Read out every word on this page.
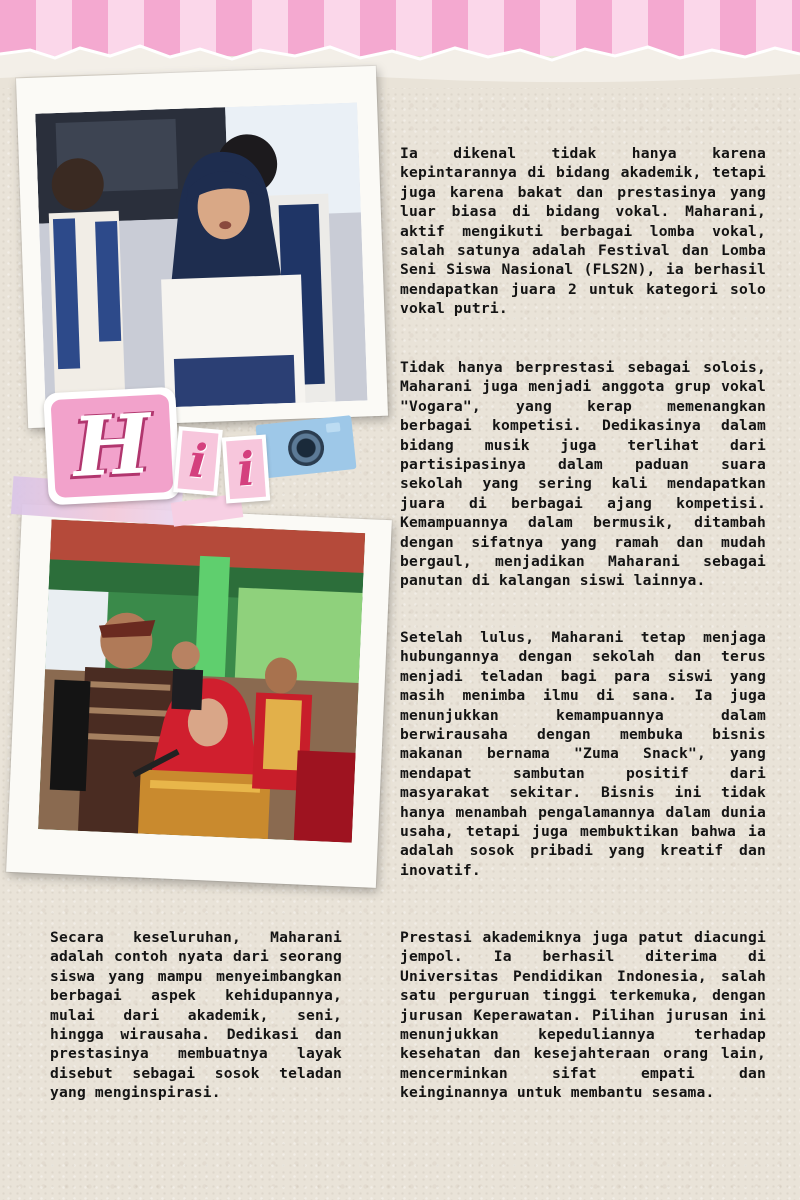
H i i

Ia dikenal tidak hanya karena kepintarannya di bidang akademik, tetapi juga karena bakat dan prestasinya yang luar biasa di bidang vokal. Maharani, aktif mengikuti berbagai lomba vokal, salah satunya adalah Festival dan Lomba Seni Siswa Nasional (FLS2N), ia berhasil mendapatkan juara 2 untuk kategori solo vokal putri.

Tidak hanya berprestasi sebagai solois, Maharani juga menjadi anggota grup vokal "Vogara", yang kerap memenangkan berbagai kompetisi. Dedikasinya dalam bidang musik juga terlihat dari partisipasinya dalam paduan suara sekolah yang sering kali mendapatkan juara di berbagai ajang kompetisi. Kemampuannya dalam bermusik, ditambah dengan sifatnya yang ramah dan mudah bergaul, menjadikan Maharani sebagai panutan di kalangan siswi lainnya.

Setelah lulus, Maharani tetap menjaga hubungannya dengan sekolah dan terus menjadi teladan bagi para siswi yang masih menimba ilmu di sana. Ia juga menunjukkan kemampuannya dalam berwirausaha dengan membuka bisnis makanan bernama "Zuma Snack", yang mendapat sambutan positif dari masyarakat sekitar. Bisnis ini tidak hanya menambah pengalamannya dalam dunia usaha, tetapi juga membuktikan bahwa ia adalah sosok pribadi yang kreatif dan inovatif.

Secara keseluruhan, Maharani adalah contoh nyata dari seorang siswa yang mampu menyeimbangkan berbagai aspek kehidupannya, mulai dari akademik, seni, hingga wirausaha. Dedikasi dan prestasinya membuatnya layak disebut sebagai sosok teladan yang menginspirasi.

Prestasi akademiknya juga patut diacungi jempol. Ia berhasil diterima di Universitas Pendidikan Indonesia, salah satu perguruan tinggi terkemuka, dengan jurusan Keperawatan. Pilihan jurusan ini menunjukkan kepeduliannya terhadap kesehatan dan kesejahteraan orang lain, mencerminkan sifat empati dan keinginannya untuk membantu sesama.
